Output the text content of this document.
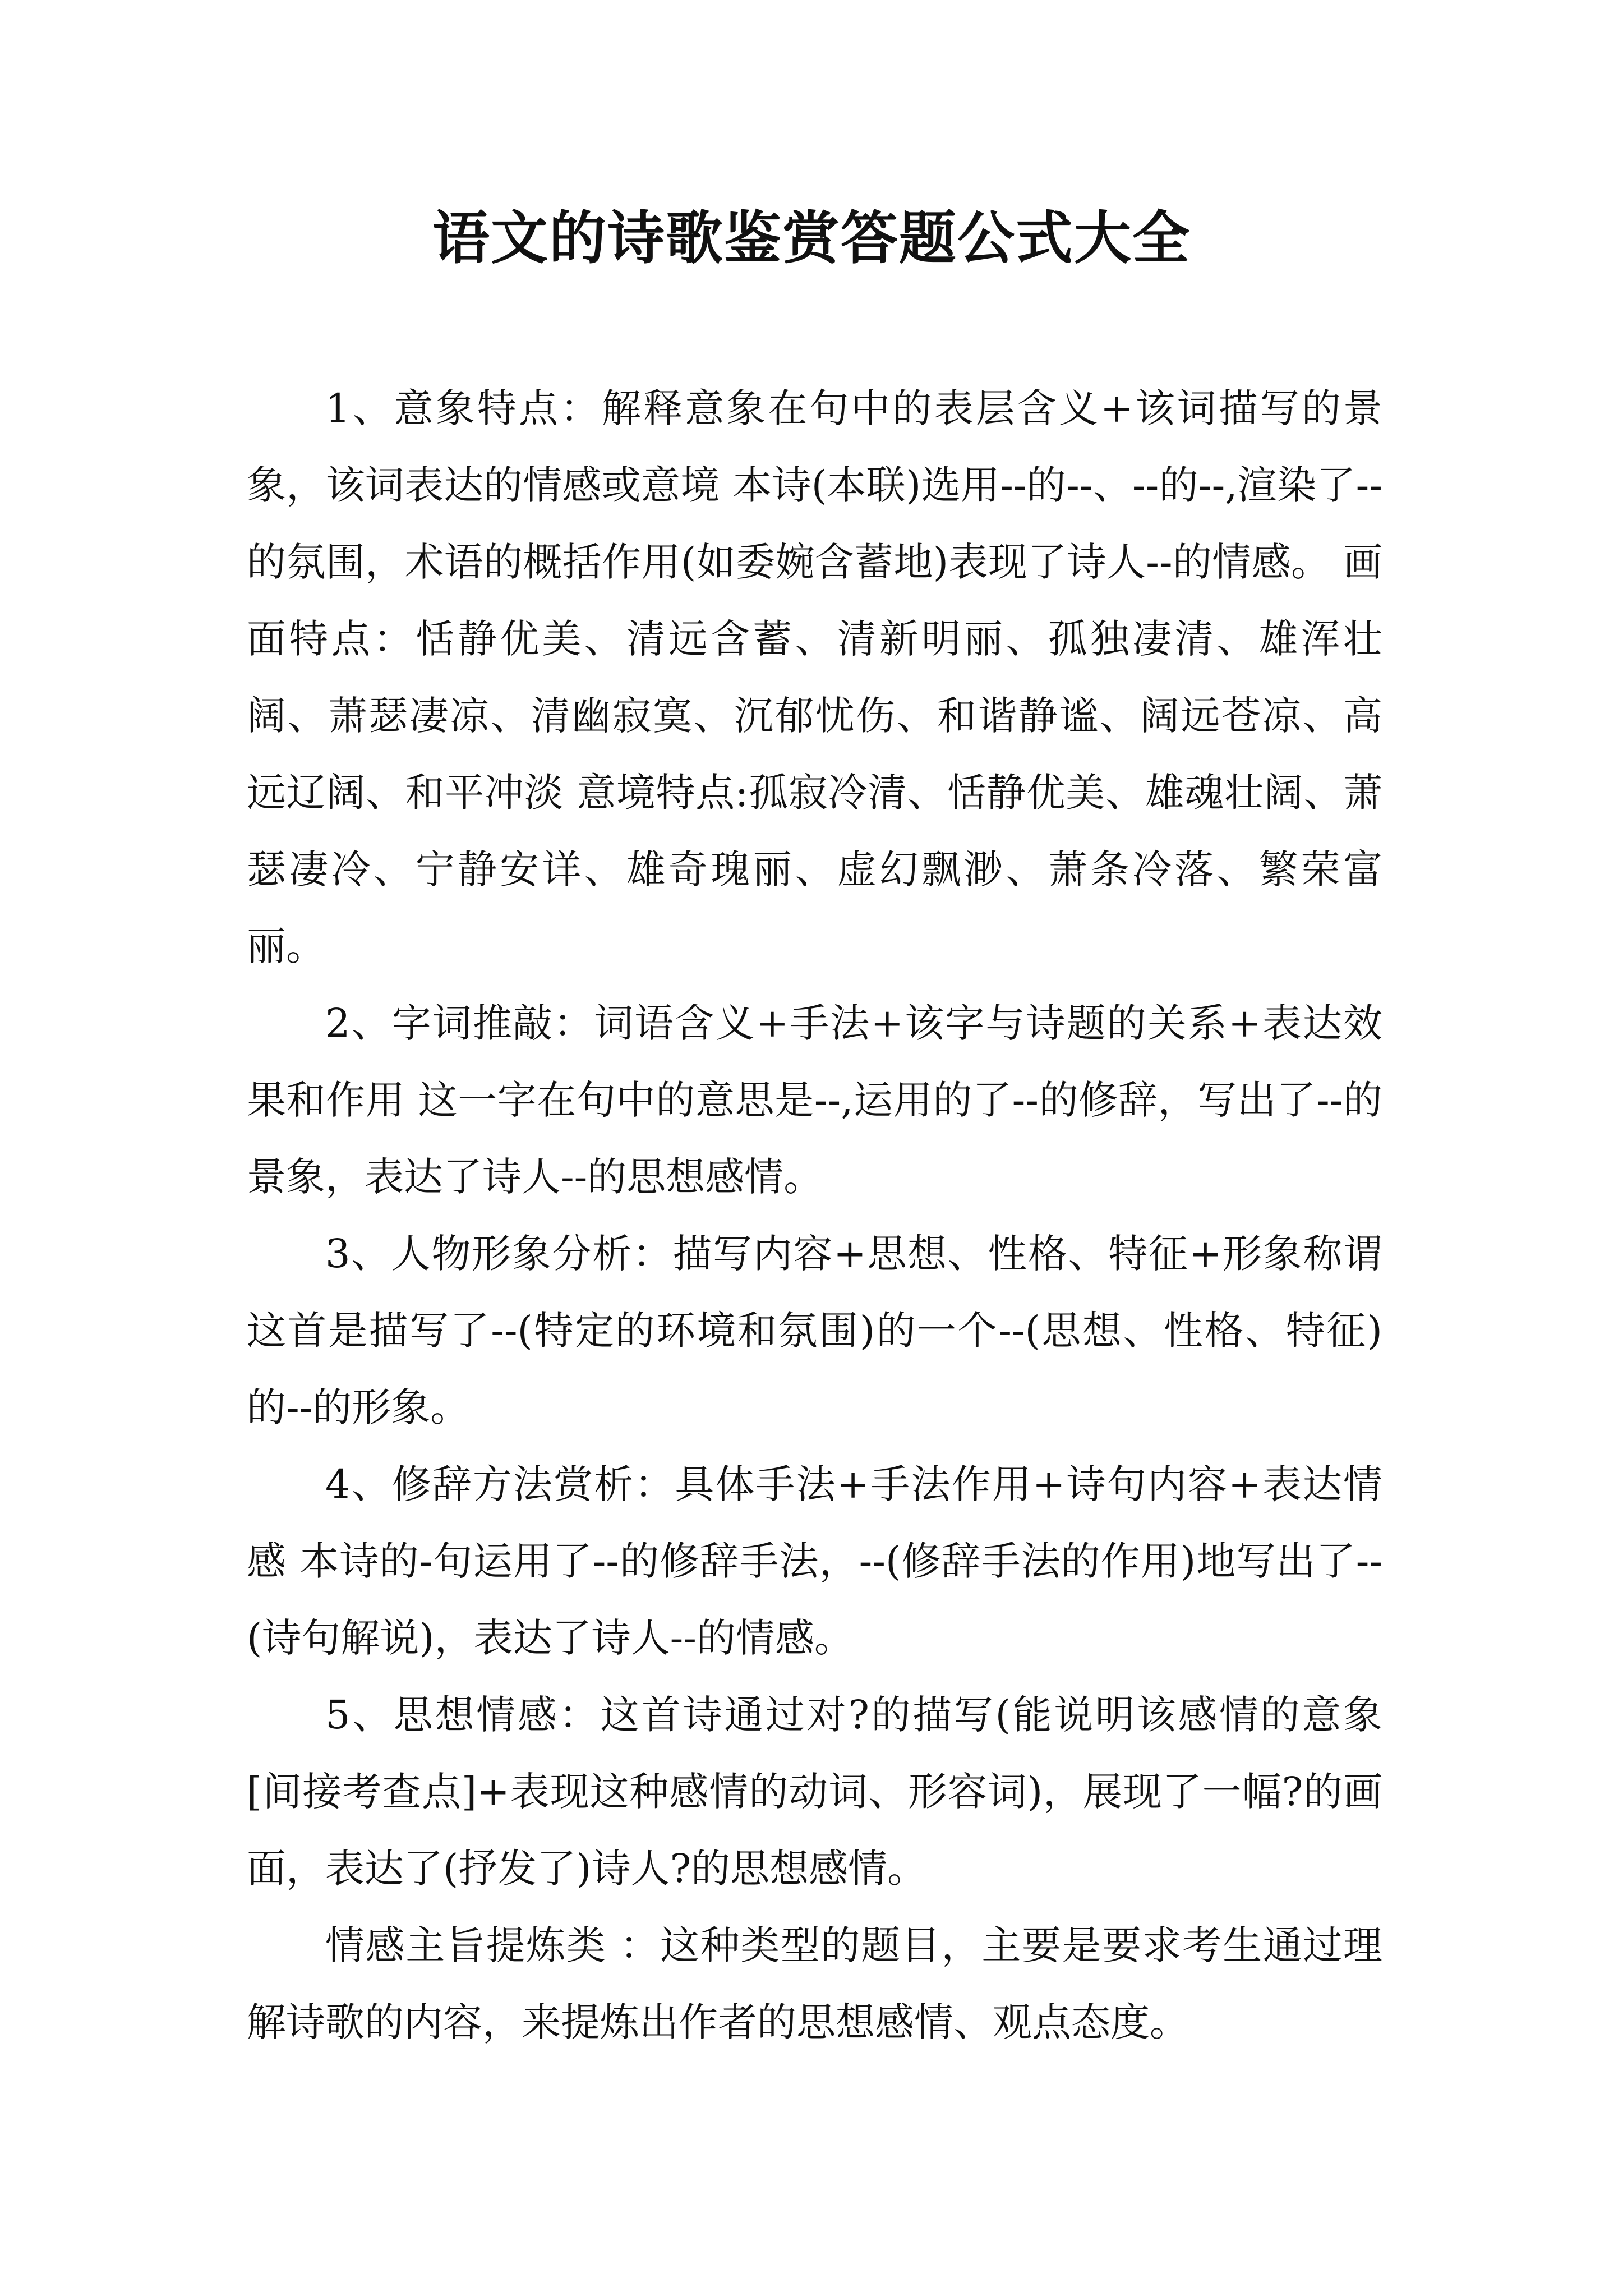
语文的诗歌鉴赏答题公式大全

1、意象特点：解释意象在句中的表层含义+该词描写的景象，该词表达的情感或意境 本诗(本联)选用--的--、--的--,渲染了--的氛围，术语的概括作用(如委婉含蓄地)表现了诗人--的情感。 画面特点：恬静优美、清远含蓄、清新明丽、孤独凄清、雄浑壮阔、萧瑟凄凉、清幽寂寞、沉郁忧伤、和谐静谧、阔远苍凉、高远辽阔、和平冲淡 意境特点:孤寂冷清、恬静优美、雄魂壮阔、萧瑟凄冷、宁静安详、雄奇瑰丽、虚幻飘渺、萧条冷落、繁荣富丽。

2、字词推敲：词语含义+手法+该字与诗题的关系+表达效果和作用 这一字在句中的意思是--,运用的了--的修辞，写出了--的景象，表达了诗人--的思想感情。

3、人物形象分析：描写内容+思想、性格、特征+形象称谓 这首是描写了--(特定的环境和氛围)的一个--(思想、性格、特征)的--的形象。

4、修辞方法赏析：具体手法+手法作用+诗句内容+表达情感 本诗的-句运用了--的修辞手法，--(修辞手法的作用)地写出了--(诗句解说)，表达了诗人--的情感。

5、思想情感：这首诗通过对?的描写(能说明该感情的意象[间接考查点]+表现这种感情的动词、形容词)，展现了一幅?的画面，表达了(抒发了)诗人?的思想感情。

情感主旨提炼类 ：这种类型的题目，主要是要求考生通过理解诗歌的内容，来提炼出作者的思想感情、观点态度。
